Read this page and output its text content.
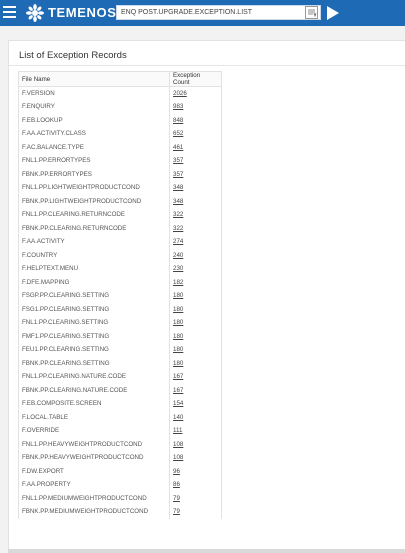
TEMENOS ENQ POST.UPGRADE.EXCEPTION.LIST
List of Exception Records
File Name	Exception Count
F.VERSION	2026
F.ENQUIRY	983
F.EB.LOOKUP	848
F.AA.ACTIVITY.CLASS	652
F.AC.BALANCE.TYPE	461
FNL1.PP.ERRORTYPES	357
FBNK.PP.ERRORTYPES	357
FNL1.PP.LIGHTWEIGHTPRODUCTCOND	348
FBNK.PP.LIGHTWEIGHTPRODUCTCOND	348
FNL1.PP.CLEARING.RETURNCODE	322
FBNK.PP.CLEARING.RETURNCODE	322
F.AA.ACTIVITY	274
F.COUNTRY	240
F.HELPTEXT.MENU	230
F.DFE.MAPPING	182
FSGP.PP.CLEARING.SETTING	180
FSG1.PP.CLEARING.SETTING	180
FNL1.PP.CLEARING.SETTING	180
FMF1.PP.CLEARING.SETTING	180
FEU1.PP.CLEARING.SETTING	180
FBNK.PP.CLEARING.SETTING	180
FNL1.PP.CLEARING.NATURE.CODE	167
FBNK.PP.CLEARING.NATURE.CODE	167
F.EB.COMPOSITE.SCREEN	154
F.LOCAL.TABLE	140
F.OVERRIDE	111
FNL1.PP.HEAVYWEIGHTPRODUCTCOND	108
FBNK.PP.HEAVYWEIGHTPRODUCTCOND	108
F.DW.EXPORT	96
F.AA.PROPERTY	86
FNL1.PP.MEDIUMWEIGHTPRODUCTCOND	79
FBNK.PP.MEDIUMWEIGHTPRODUCTCOND	79
